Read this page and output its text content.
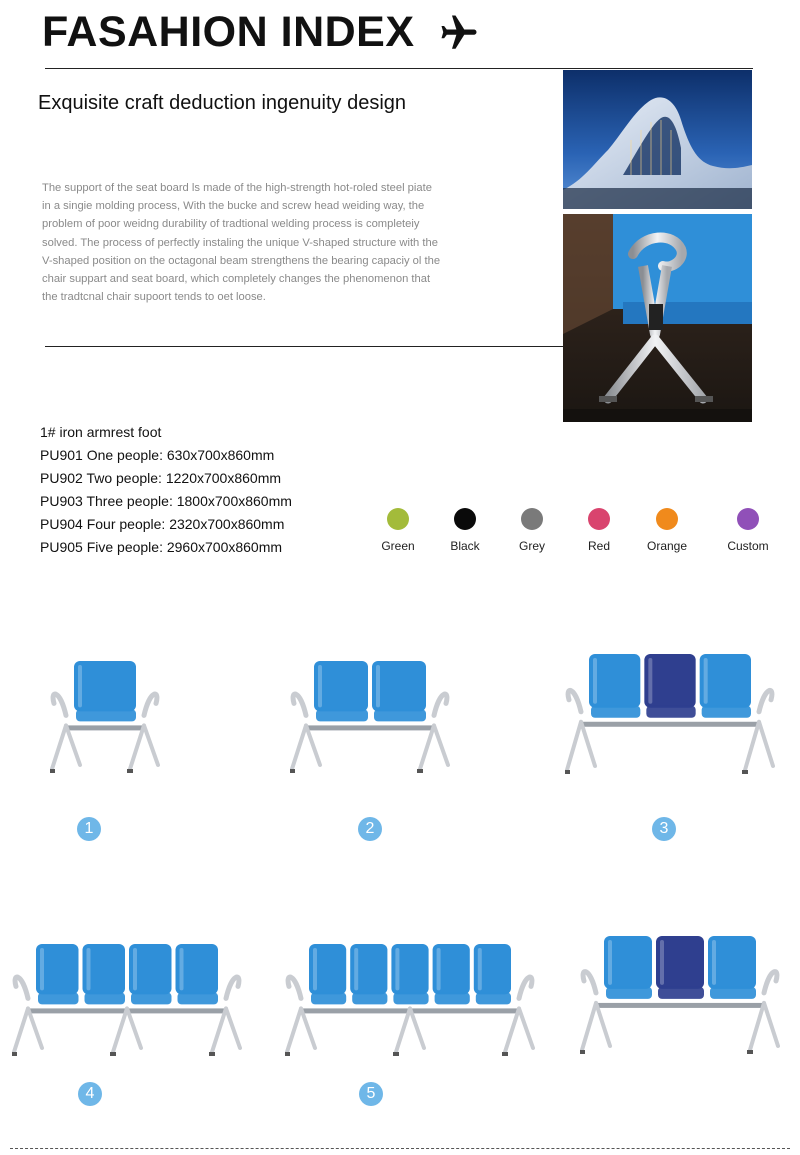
FASAHION INDEX
Exquisite craft deduction ingenuity design
The support of the seat board ls made of the high-strength hot-roled steel piate in a singie molding process, With the bucke and screw head weiding way, the problem of poor weidng durability of tradtional welding process is completeiy solved. The process of perfectly instaling the unique V-shaped structure with the V-shaped position on the octagonal beam strengthens the bearing capaciy ol the chair suppart and seat board, which completely changes the phenomenon that the tradtcnal chair supoort tends to oet loose.
1# iron armrest foot
PU901 One people: 630x700x860mm
PU902 Two people: 1220x700x860mm
PU903 Three people: 1800x700x860mm
PU904 Four people: 2320x700x860mm
PU905 Five people: 2960x700x860mm	Green	Black	Grey	Red	Orange	Custom
1	2	3
4	5
